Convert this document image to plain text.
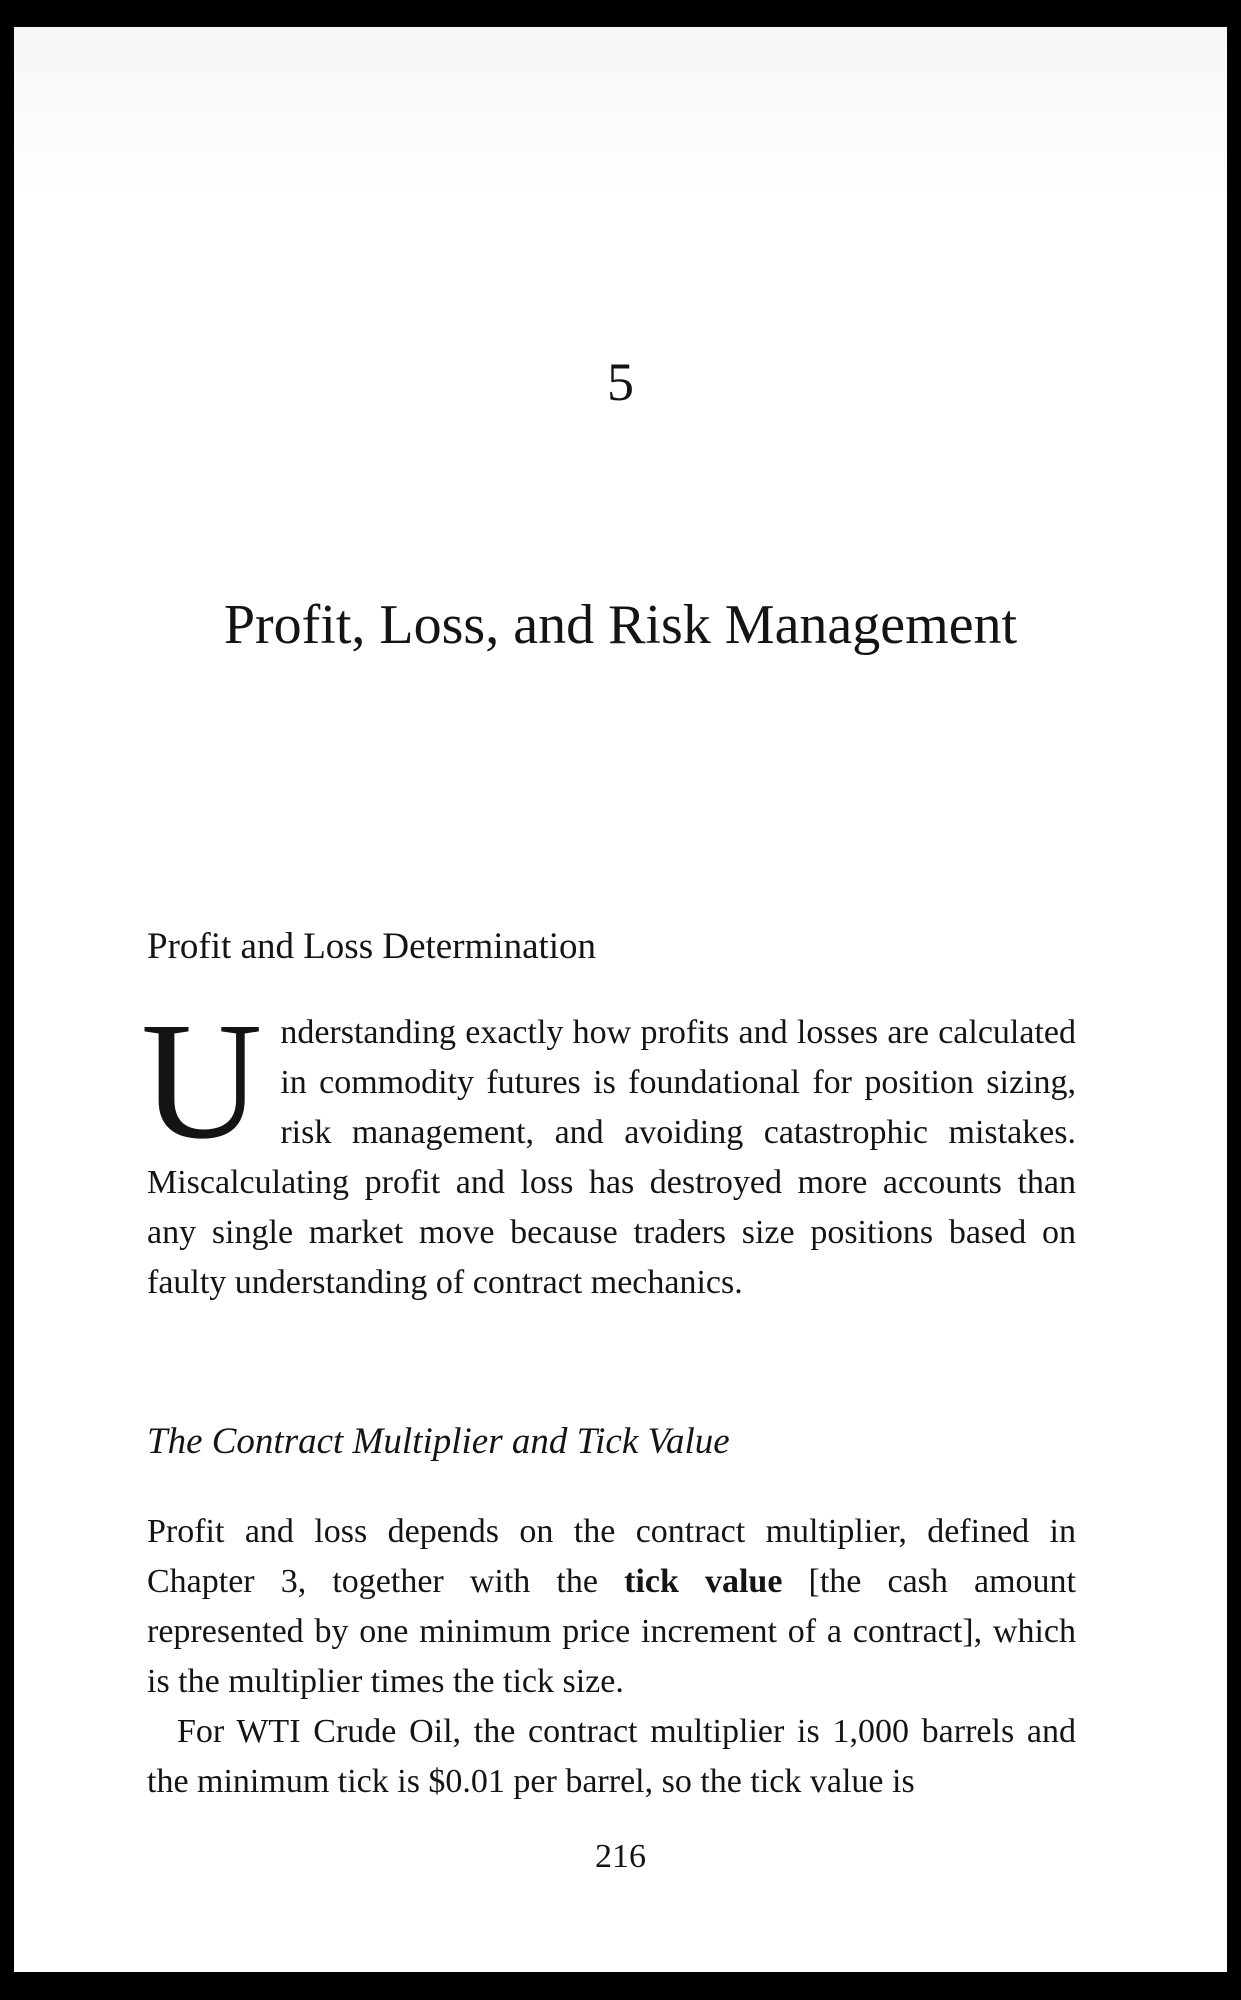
5
Profit, Loss, and Risk Management
Profit and Loss Determination

Understanding exactly how profits and losses are calculated in commodity futures is foundational for position sizing, risk management, and avoiding catastrophic mistakes. Miscalculating profit and loss has destroyed more accounts than any single market move because traders size positions based on faulty understanding of contract mechanics.

The Contract Multiplier and Tick Value

Profit and loss depends on the contract multiplier, defined in Chapter 3, together with the tick value [the cash amount represented by one minimum price increment of a contract], which is the multiplier times the tick size.

For WTI Crude Oil, the contract multiplier is 1,000 barrels and the minimum tick is $0.01 per barrel, so the tick value is

216
